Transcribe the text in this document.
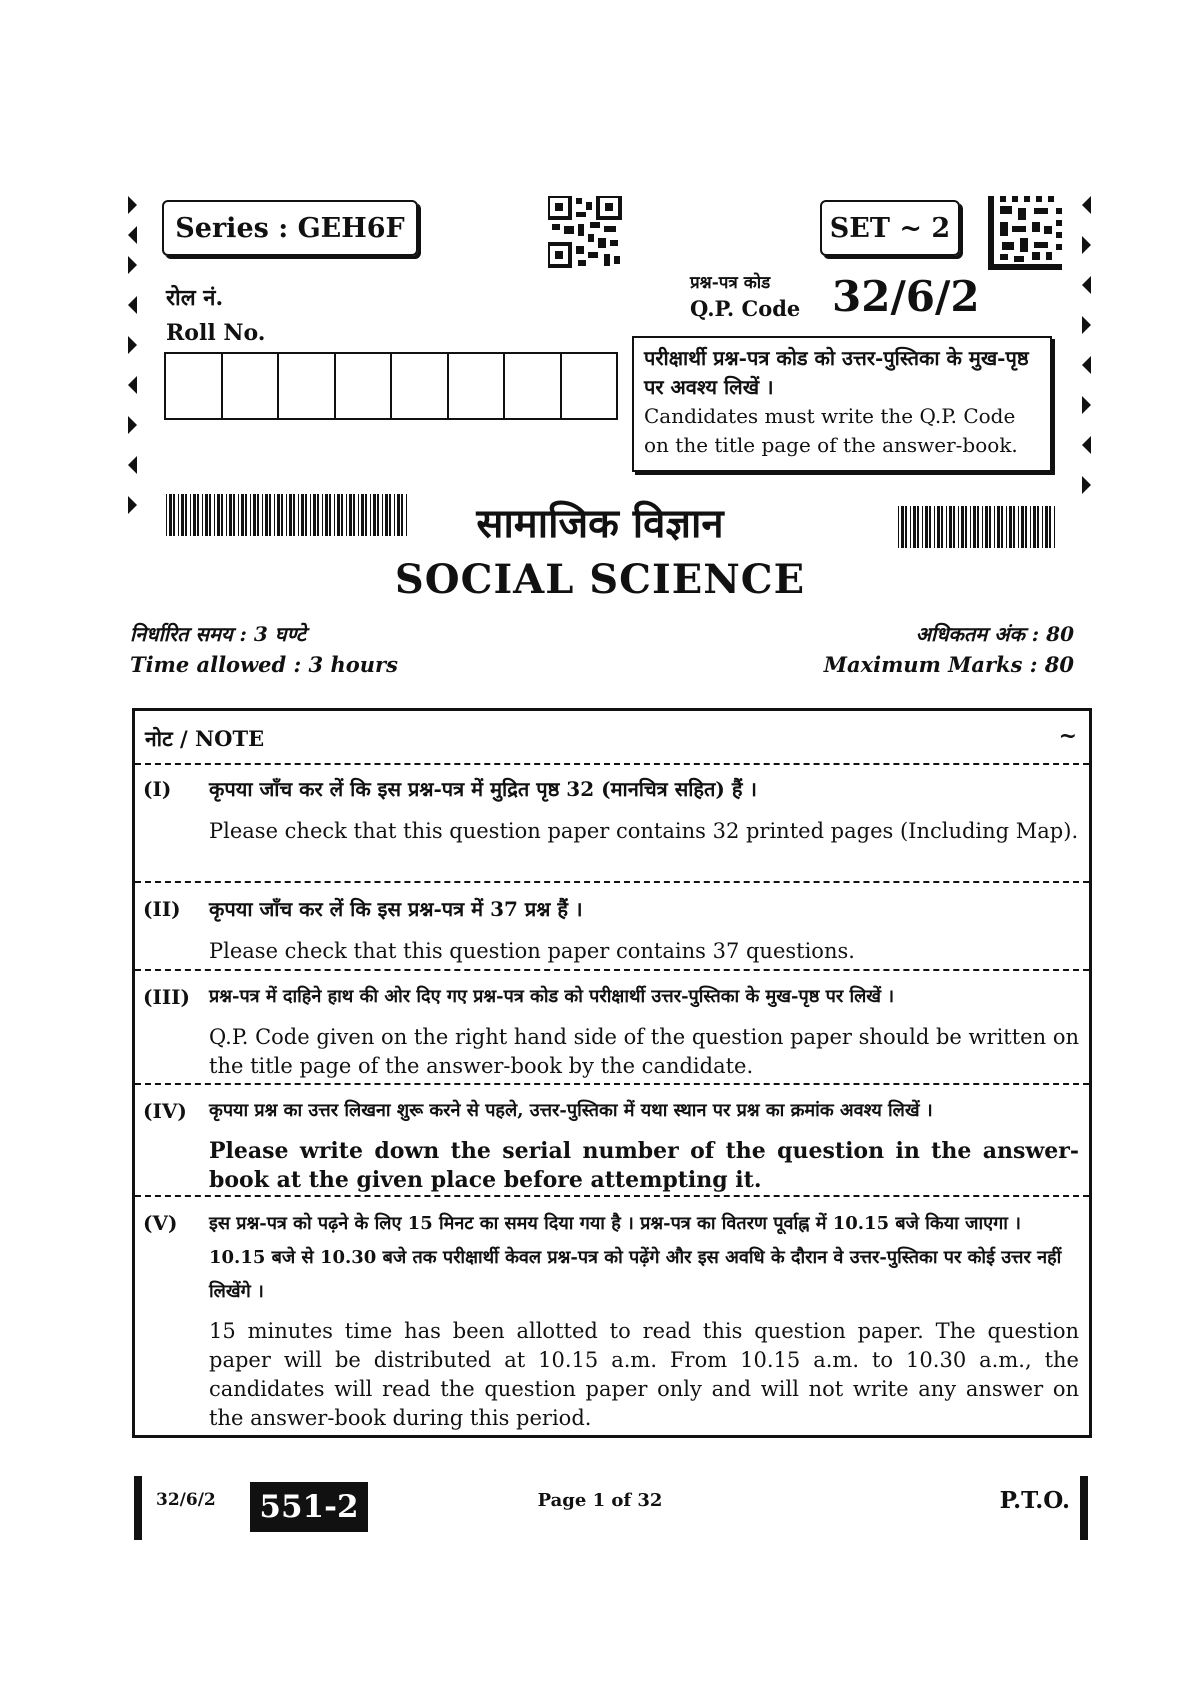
Series : GEH6F	SET ~ 2
रोल नं.
Roll No.
प्रश्न-पत्र कोड
Q.P. Code 32/6/2
परीक्षार्थी प्रश्न-पत्र कोड को उत्तर-पुस्तिका के मुख-पृष्ठ पर अवश्य लिखें ।
Candidates must write the Q.P. Code on the title page of the answer-book.
सामाजिक विज्ञान
SOCIAL SCIENCE
निर्धारित समय : 3 घण्टे
Time allowed : 3 hours
अधिकतम अंक : 80
Maximum Marks : 80
नोट / NOTE	~
(I) कृपया जाँच कर लें कि इस प्रश्न-पत्र में मुद्रित पृष्ठ 32 (मानचित्र सहित) हैं ।
Please check that this question paper contains 32 printed pages (Including Map).
(II) कृपया जाँच कर लें कि इस प्रश्न-पत्र में 37 प्रश्न हैं ।
Please check that this question paper contains 37 questions.
(III) प्रश्न-पत्र में दाहिने हाथ की ओर दिए गए प्रश्न-पत्र कोड को परीक्षार्थी उत्तर-पुस्तिका के मुख-पृष्ठ पर लिखें ।
Q.P. Code given on the right hand side of the question paper should be written on the title page of the answer-book by the candidate.
(IV) कृपया प्रश्न का उत्तर लिखना शुरू करने से पहले, उत्तर-पुस्तिका में यथा स्थान पर प्रश्न का क्रमांक अवश्य लिखें ।
Please write down the serial number of the question in the answer-book at the given place before attempting it.
(V) इस प्रश्न-पत्र को पढ़ने के लिए 15 मिनट का समय दिया गया है । प्रश्न-पत्र का वितरण पूर्वाह्न में 10.15 बजे किया जाएगा । 10.15 बजे से 10.30 बजे तक परीक्षार्थी केवल प्रश्न-पत्र को पढ़ेंगे और इस अवधि के दौरान वे उत्तर-पुस्तिका पर कोई उत्तर नहीं लिखेंगे ।
15 minutes time has been allotted to read this question paper. The question paper will be distributed at 10.15 a.m. From 10.15 a.m. to 10.30 a.m., the candidates will read the question paper only and will not write any answer on the answer-book during this period.
32/6/2	551-2	Page 1 of 32	P.T.O.
